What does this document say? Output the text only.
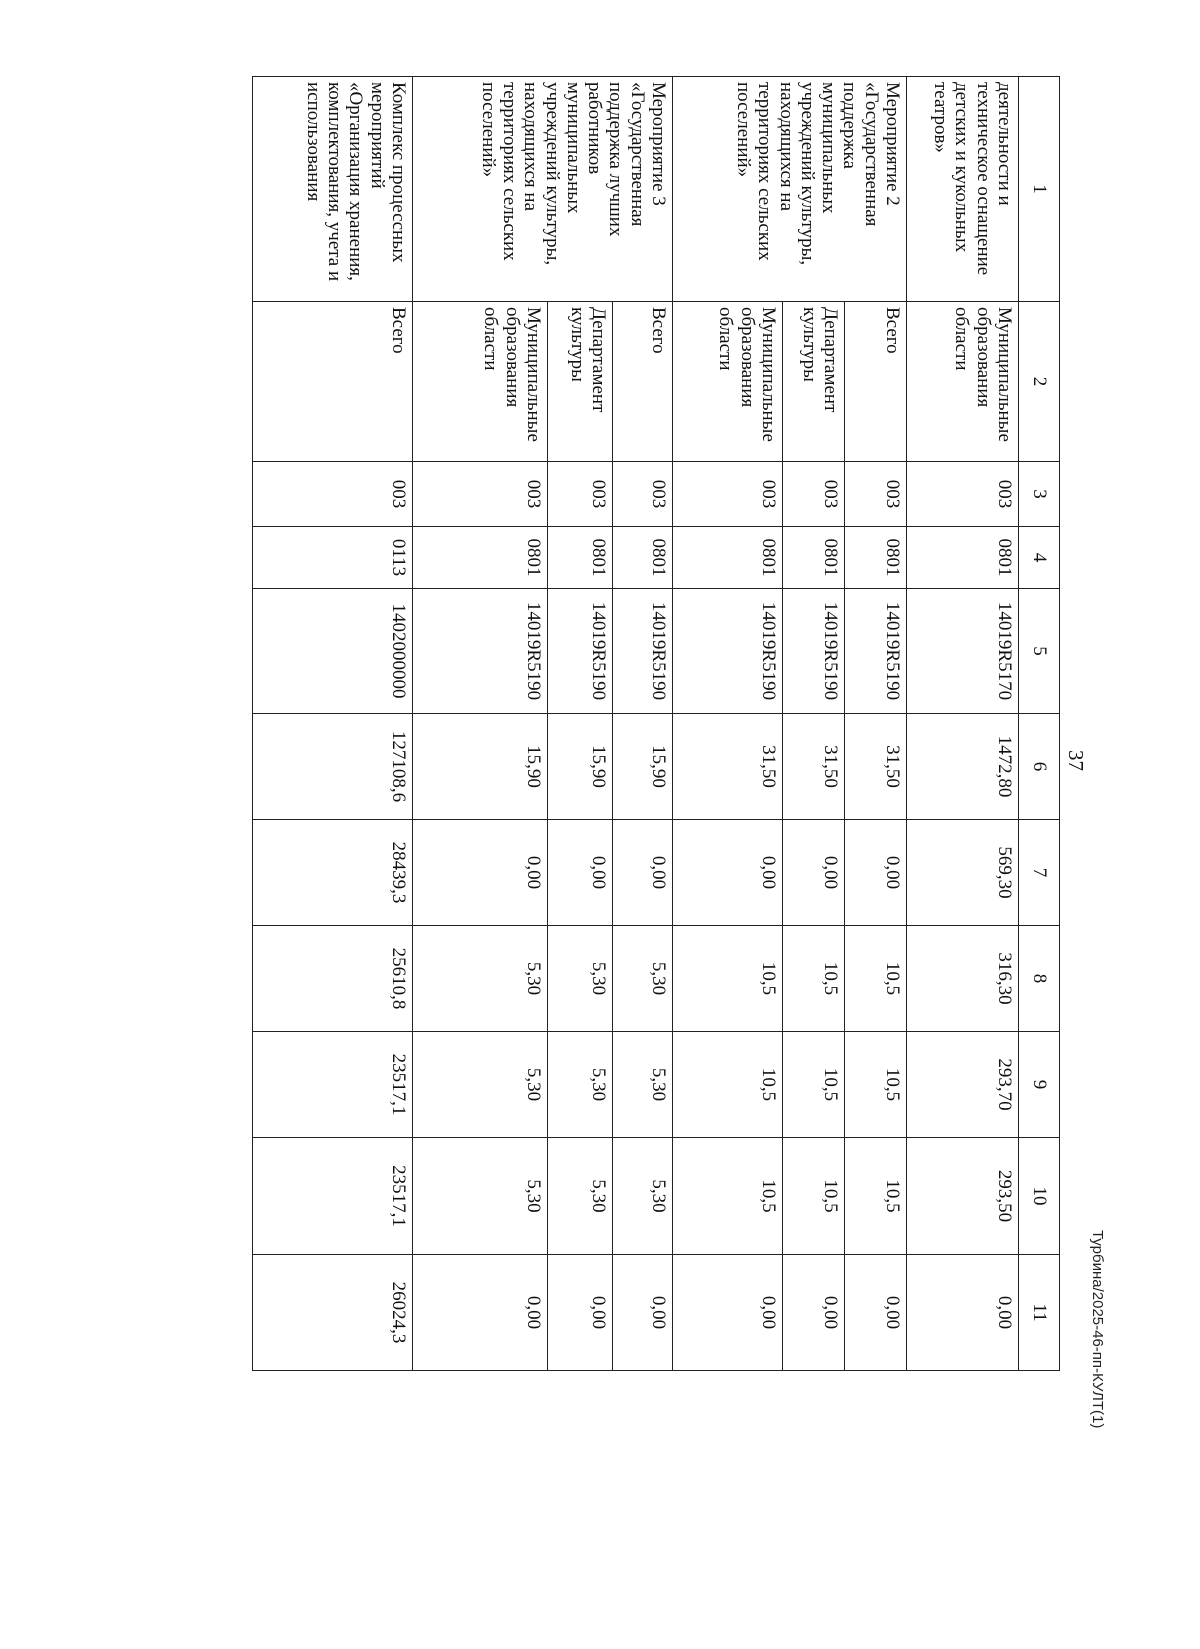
37
Турбина/2025-46-пп-КУЛТ(1)
1	2	3	4	5	6	7	8	9	10	11
деятельности и техническое оснащение детских и кукольных театров»	Муниципальные образования области	003	0801	14019R5170	1472,80	569,30	316,30	293,70	293,50	0,00
Мероприятие 2 «Государственная поддержка муниципальных учреждений культуры, находящихся на территориях сельских поселений»	Всего	003	0801	14019R5190	31,50	0,00	10,5	10,5	10,5	0,00
	Департамент культуры	003	0801	14019R5190	31,50	0,00	10,5	10,5	10,5	0,00
	Муниципальные образования области	003	0801	14019R5190	31,50	0,00	10,5	10,5	10,5	0,00
Мероприятие 3 «Государственная поддержка лучших работников муниципальных учреждений культуры, находящихся на территориях сельских поселений»	Всего	003	0801	14019R5190	15,90	0,00	5,30	5,30	5,30	0,00
	Департамент культуры	003	0801	14019R5190	15,90	0,00	5,30	5,30	5,30	0,00
	Муниципальные образования области	003	0801	14019R5190	15,90	0,00	5,30	5,30	5,30	0,00
Комплекс процессных мероприятий «Организация хранения, комплектования, учета и использования	Всего	003	0113	1402000000	127108,6	28439,3	25610,8	23517,1	23517,1	26024,3
